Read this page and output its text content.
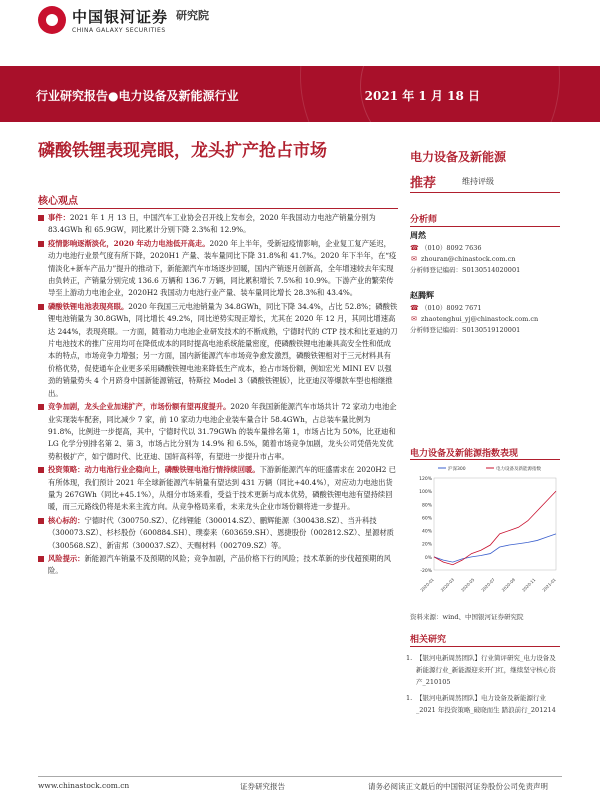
中国银河证券
CHINA GALAXY SECURITIES
研究院
行业研究报告●电力设备及新能源行业	2021 年 1 月 18 日
磷酸铁锂表现亮眼，龙头扩产抢占市场	电力设备及新能源
推荐	维持评级
核心观点
事件：2021 年 1 月 13 日，中国汽车工业协会召开线上发布会，2020 年我国动力电池产销量分别为 83.4GWh 和 65.9GW，同比累计分别下降 2.3%和 12.9%。
疫情影响逐渐淡化，2020 年动力电池低开高走。2020 年上半年，受新冠疫情影响，企业复工复产延迟，动力电池行业景气度有所下降，2020H1 产量、装车量同比下降 31.8%和 41.7%。2020 年下半年，在“疫情淡化+新车产品力”提升的推动下，新能源汽车市场逐步回暖，国内产销逐月创新高，全年增速较去年实现由负转正，产销量分别完成 136.6 万辆和 136.7 万辆，同比累积增长 7.5%和 10.9%。下游产业的繁荣传导至上游动力电池企业，2020H2 我国动力电池行业产量、装车量同比增长 28.3%和 43.4%。
磷酸铁锂电池表现亮眼。2020 年我国三元电池销量为 34.8GWh，同比下降 34.4%，占比 52.8%；磷酸铁锂电池销量为 30.8GWh，同比增长 49.2%，同比逆势实现正增长，尤其在 2020 年 12 月，其同比增速高达 244%，表现亮眼。一方面，随着动力电池企业研发技术的不断成熟，宁德时代的 CTP 技术和比亚迪的刀片电池技术的推广应用均可在降低成本的同时提高电池系统能量密度，使磷酸铁锂电池兼具高安全性和低成本的特点，市场竞争力增强；另一方面，国内新能源汽车市场竞争愈发激烈，磷酸铁锂相对于三元材料具有价格优势，促使通车企业更多采用磷酸铁锂电池来降低生产成本，抢占市场份额，例如宏光 MINI EV 以强劲的销量势头 4 个月跻身中国新能源销冠，特斯拉 Model 3（磷酸铁锂版），比亚迪汉等爆款车型也相继推出。
竞争加剧，龙头企业加速扩产，市场份额有望再度提升。2020 年我国新能源汽车市场共计 72 家动力电池企业实现装车配套，同比减少 7 家，前 10 家动力电池企业装车量合计 58.4GWh，占总装车量比例为 91.8%，比例进一步提高，其中，宁德时代以 31.79GWh 的装车量排名第 1，市场占比为 50%，比亚迪和 LG 化学分别排名第 2、第 3，市场占比分别为 14.9% 和 6.5%，随着市场竞争加剧，龙头公司凭借先发优势积极扩产，如宁德时代、比亚迪、国轩高科等，有望进一步提升市占率。
投资策略：动力电池行业企稳向上，磷酸铁锂电池行情持续回暖。下游新能源汽车的旺盛需求在 2020H2 已有所体现，我们预计 2021 年全球新能源汽车销量有望达到 431 万辆（同比+40.4%），对应动力电池出货量为 267GWh（同比+45.1%），从细分市场来看，受益于技术更新与成本优势，磷酸铁锂电池有望持续回暖，而三元路线仍将是未来主流方向。从竞争格局来看，未来龙头企业市场份额将进一步提升。
核心标的：宁德时代（300750.SZ）、亿纬锂能（300014.SZ）、鹏辉能源（300438.SZ）、当升科技（300073.SZ）、杉杉股份（600884.SH）、璞泰来（603659.SH）、恩捷股份（002812.SZ）、星源材质（300568.SZ）、新宙邦（300037.SZ）、天赐材料（002709.SZ）等。
风险提示：新能源汽车销量不及预期的风险；竞争加剧，产品价格下行的风险；技术革新的步伐超预期的风险。
分析师
周然
☎ （010）8092 7636
✉ zhouran@chinastock.com.cn
分析师登记编码：S0130514020001
赵腾辉
☎ （010）8092 7671
✉ zhaotenghui_yj@chinastock.com.cn
分析师登记编码：S0130519120001
电力设备及新能源指数表现
120%
100%
80%
60%
40%
20%
0%
-20%
2020-01 2020-03 2020-05 2020-07 2020-09 2020-11 2021-01
沪深300	电力设备及新能源指数
资料来源：wind、中国银河证券研究院
相关研究
1. 【银河电新周然团队】行业简评研究_电力设备及新能源行业_新能源迎来开门红，继续坚守核心资产_210105
1. 【银河电新周然团队】电力设备及新能源行业_2021 年投资策略_破晓而生 踏浪前行_201214
www.chinastock.com.cn	证券研究报告	请务必阅读正文最后的中国银河证券股份公司免责声明
